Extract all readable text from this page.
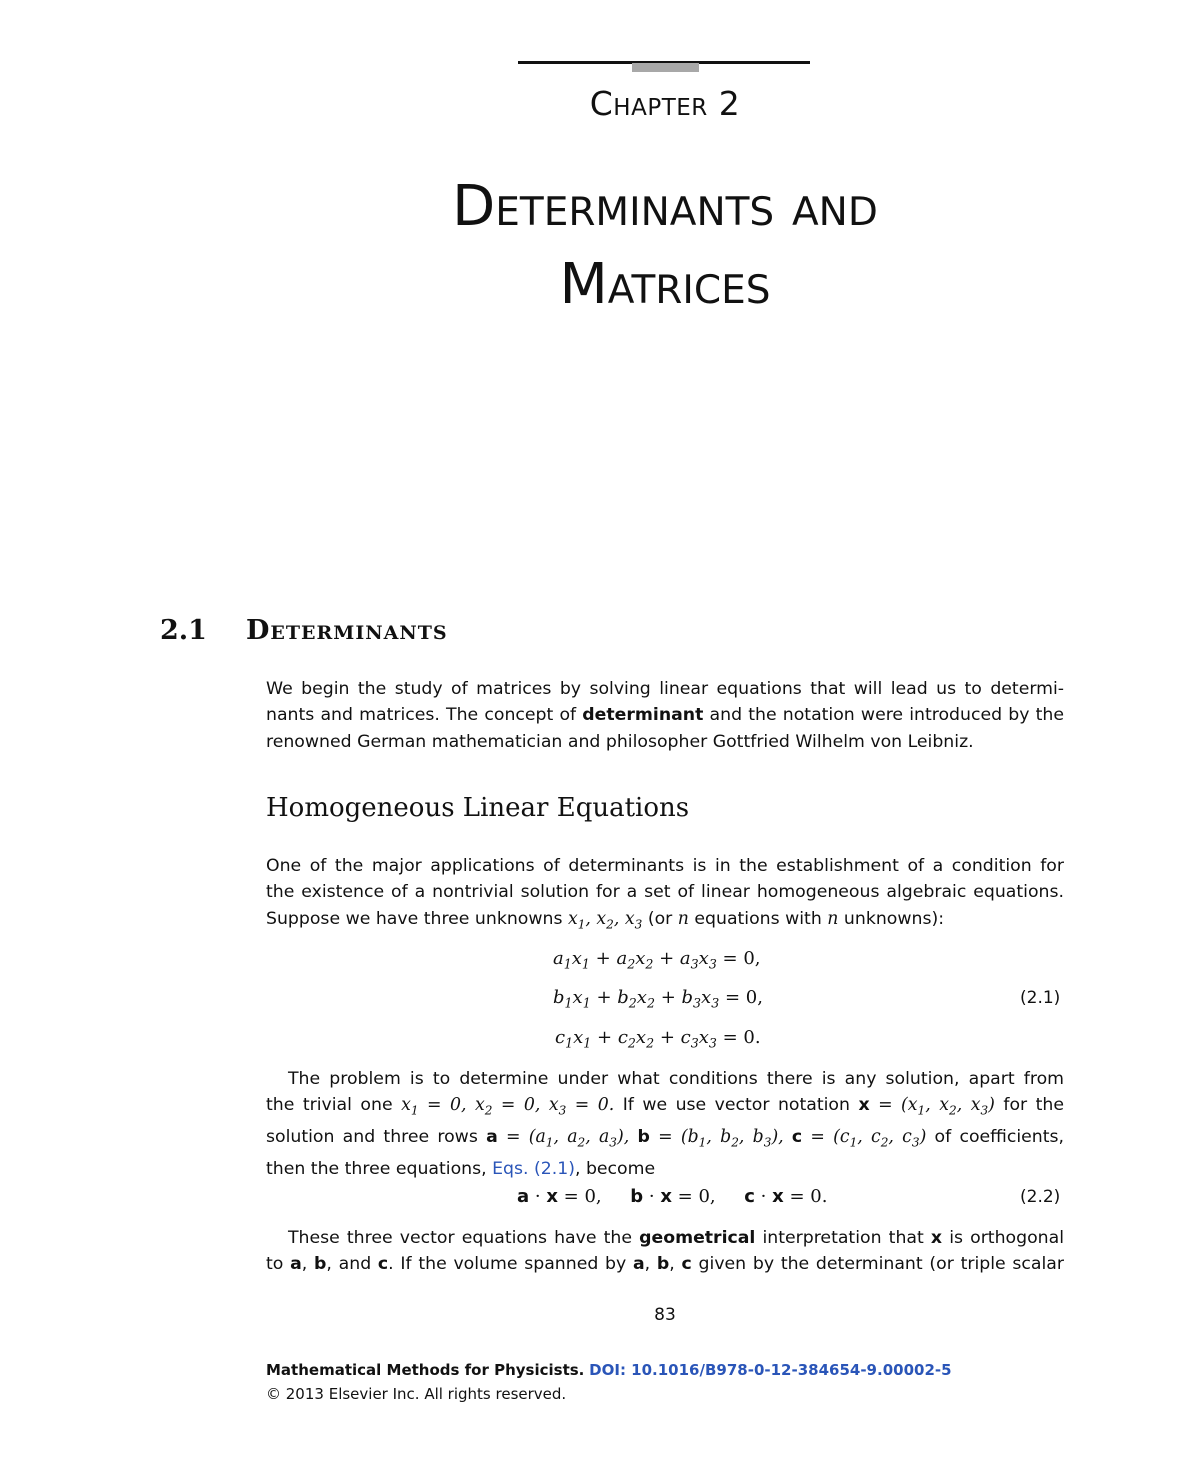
Chapter 2
Determinants and
Matrices
2.1 Determinants
We begin the study of matrices by solving linear equations that will lead us to determi-
nants and matrices. The concept of determinant and the notation were introduced by the
renowned German mathematician and philosopher Gottfried Wilhelm von Leibniz.
Homogeneous Linear Equations
One of the major applications of determinants is in the establishment of a condition for
the existence of a nontrivial solution for a set of linear homogeneous algebraic equations.
Suppose we have three unknowns $x_1$, $x_2$, $x_3$ (or n equations with n unknowns):
$a_1x_1 + a_2x_2 + a_3x_3 = 0$,
$b_1x_1 + b_2x_2 + b_3x_3 = 0$,
$c_1x_1 + c_2x_2 + c_3x_3 = 0$.
(2.1)
The problem is to determine under what conditions there is any solution, apart from
the trivial one $x_1 = 0$, $x_2 = 0$, $x_3 = 0$. If we use vector notation $x = (x_1$, $x_2$, $x_3$) for the
solution and three rows $a = (a_1$, $a_2$, $a_3$), $b = (b_1$, $b_2$, $b_3$), $c = (c_1$, $c_2$, $c_3$) of coefficients,
then the three equations, Eqs. (2.1), become
a · x = 0,     b · x = 0,     c · x = 0.	(2.2)
These three vector equations have the geometrical interpretation that x is orthogonal
to a, b, and c. If the volume spanned by a, b, c given by the determinant (or triple scalar
83
Mathematical Methods for Physicists. DOI: 10.1016/B978-0-12-384654-9.00002-5
© 2013 Elsevier Inc. All rights reserved.
